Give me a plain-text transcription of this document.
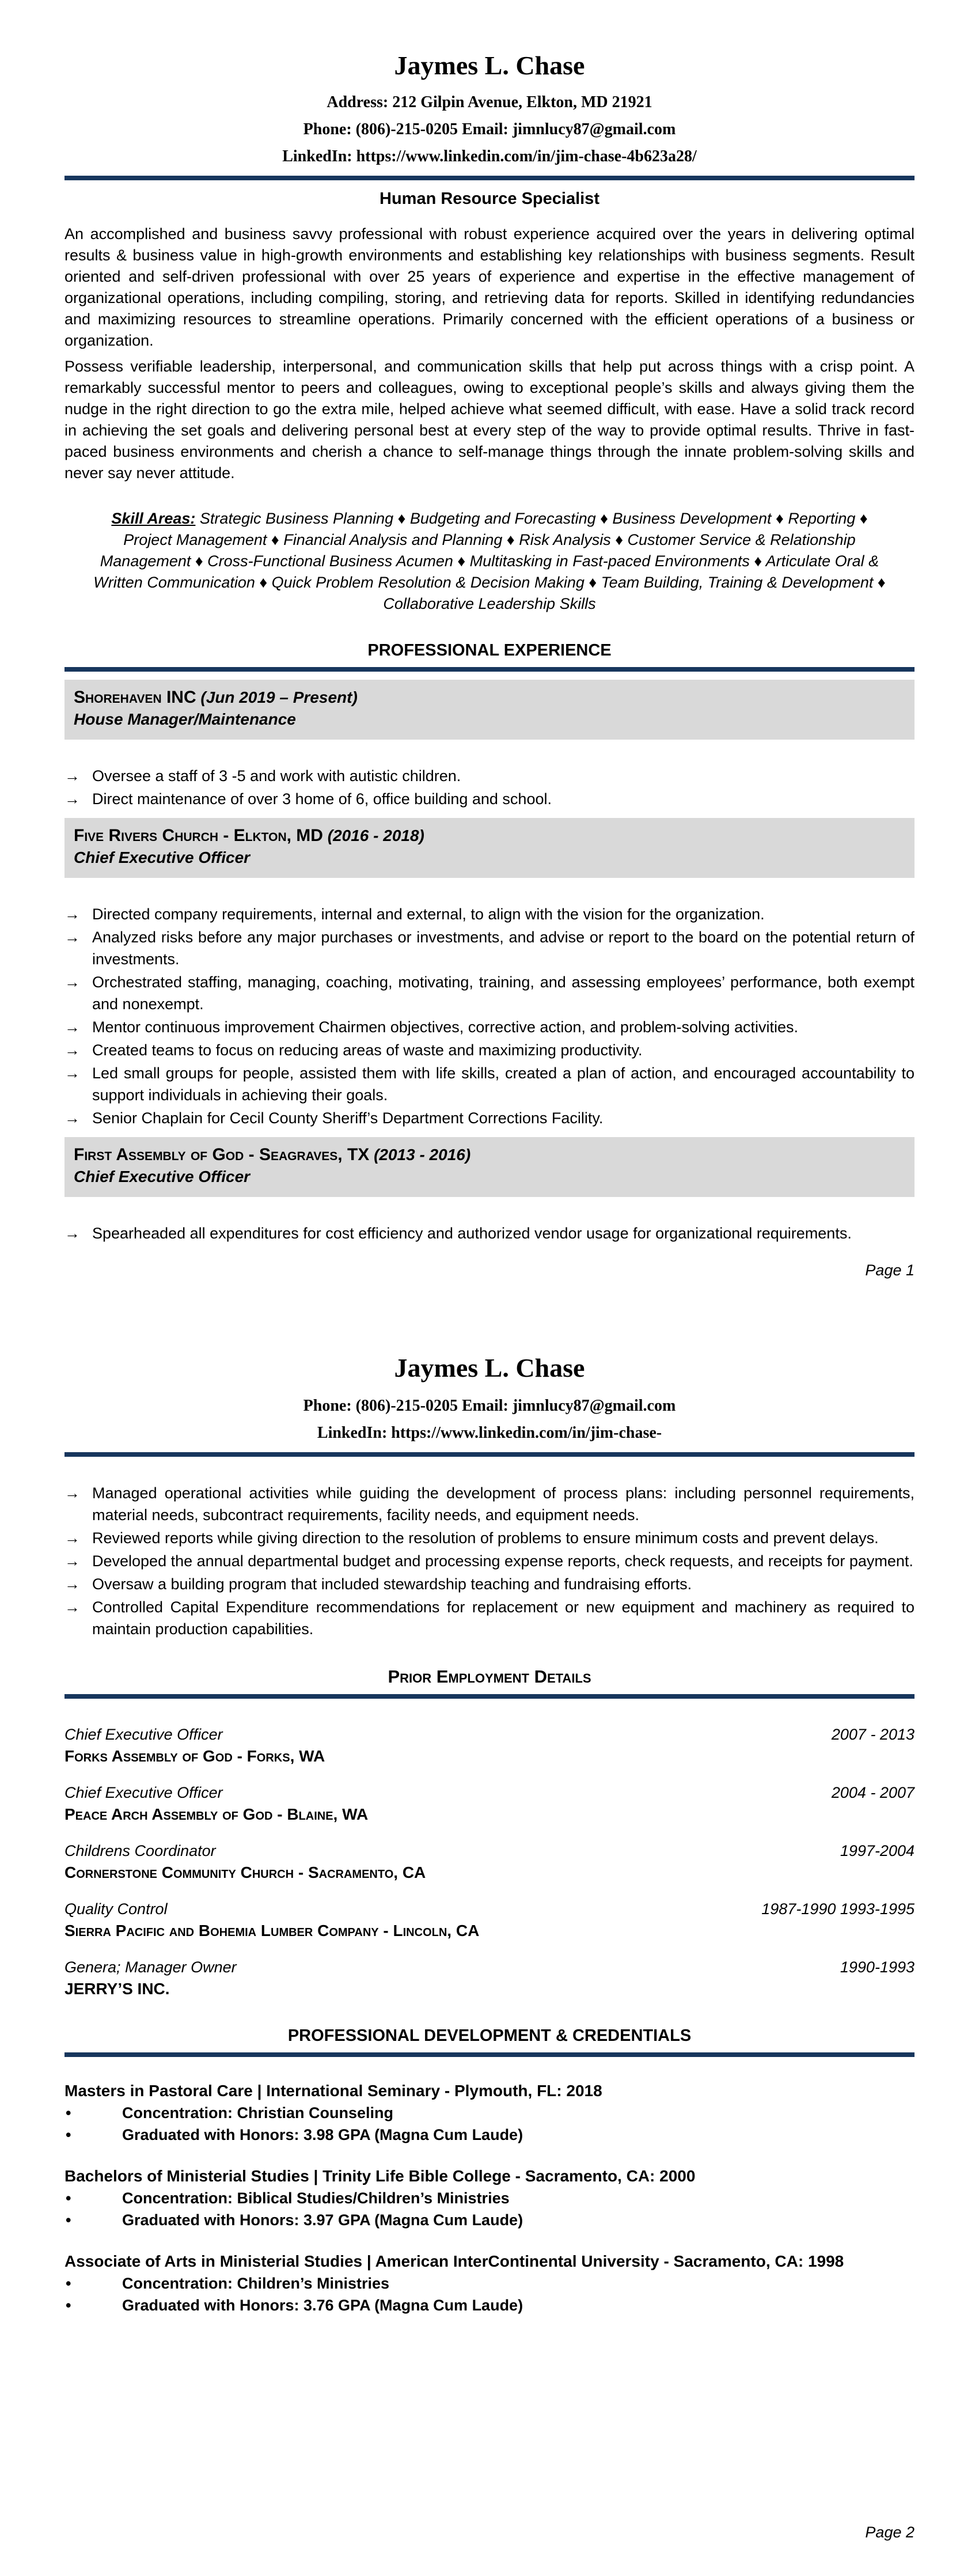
Jaymes L. Chase
Address: 212 Gilpin Avenue, Elkton, MD 21921
Phone: (806)-215-0205 Email: jimnlucy87@gmail.com
LinkedIn: https://www.linkedin.com/in/jim-chase-4b623a28/
Human Resource Specialist
An accomplished and business savvy professional with robust experience acquired over the years in delivering optimal results & business value in high-growth environments and establishing key relationships with business segments. Result oriented and self-driven professional with over 25 years of experience and expertise in the effective management of organizational operations, including compiling, storing, and retrieving data for reports. Skilled in identifying redundancies and maximizing resources to streamline operations. Primarily concerned with the efficient operations of a business or organization.
Possess verifiable leadership, interpersonal, and communication skills that help put across things with a crisp point. A remarkably successful mentor to peers and colleagues, owing to exceptional people’s skills and always giving them the nudge in the right direction to go the extra mile, helped achieve what seemed difficult, with ease. Have a solid track record in achieving the set goals and delivering personal best at every step of the way to provide optimal results. Thrive in fast-paced business environments and cherish a chance to self-manage things through the innate problem-solving skills and never say never attitude.
Skill Areas: Strategic Business Planning ♦ Budgeting and Forecasting ♦ Business Development ♦ Reporting ♦ Project Management ♦ Financial Analysis and Planning ♦ Risk Analysis ♦ Customer Service & Relationship Management ♦ Cross-Functional Business Acumen ♦ Multitasking in Fast-paced Environments ♦ Articulate Oral & Written Communication ♦ Quick Problem Resolution & Decision Making ♦ Team Building, Training & Development ♦ Collaborative Leadership Skills
PROFESSIONAL EXPERIENCE
Shorehaven INC (Jun 2019 – Present)
House Manager/Maintenance
→ Oversee a staff of 3 -5 and work with autistic children.
→ Direct maintenance of over 3 home of 6, office building and school.
Five Rivers Church - Elkton, MD (2016 - 2018)
Chief Executive Officer
→ Directed company requirements, internal and external, to align with the vision for the organization.
→ Analyzed risks before any major purchases or investments, and advise or report to the board on the potential return of investments.
→ Orchestrated staffing, managing, coaching, motivating, training, and assessing employees’ performance, both exempt and nonexempt.
→ Mentor continuous improvement Chairmen objectives, corrective action, and problem-solving activities.
→ Created teams to focus on reducing areas of waste and maximizing productivity.
→ Led small groups for people, assisted them with life skills, created a plan of action, and encouraged accountability to support individuals in achieving their goals.
→ Senior Chaplain for Cecil County Sheriff’s Department Corrections Facility.
First Assembly of God - Seagraves, TX (2013 - 2016)
Chief Executive Officer
→ Spearheaded all expenditures for cost efficiency and authorized vendor usage for organizational requirements.
Page 1
Jaymes L. Chase
Phone: (806)-215-0205 Email: jimnlucy87@gmail.com
LinkedIn: https://www.linkedin.com/in/jim-chase-
→ Managed operational activities while guiding the development of process plans: including personnel requirements, material needs, subcontract requirements, facility needs, and equipment needs.
→ Reviewed reports while giving direction to the resolution of problems to ensure minimum costs and prevent delays.
→ Developed the annual departmental budget and processing expense reports, check requests, and receipts for payment.
→ Oversaw a building program that included stewardship teaching and fundraising efforts.
→ Controlled Capital Expenditure recommendations for replacement or new equipment and machinery as required to maintain production capabilities.
Prior Employment Details
Chief Executive Officer	2007 - 2013
Forks Assembly of God - Forks, WA
Chief Executive Officer	2004 - 2007
Peace Arch Assembly of God - Blaine, WA
Childrens Coordinator	1997-2004
Cornerstone Community Church - Sacramento, CA
Quality Control	1987-1990 1993-1995
Sierra Pacific and Bohemia Lumber Company - Lincoln, CA
Genera; Manager Owner	1990-1993
JERRY’S INC.
PROFESSIONAL DEVELOPMENT & CREDENTIALS
Masters in Pastoral Care | International Seminary - Plymouth, FL: 2018
•	Concentration: Christian Counseling
•	Graduated with Honors: 3.98 GPA (Magna Cum Laude)
Bachelors of Ministerial Studies | Trinity Life Bible College - Sacramento, CA: 2000
•	Concentration: Biblical Studies/Children’s Ministries
•	Graduated with Honors: 3.97 GPA (Magna Cum Laude)
Associate of Arts in Ministerial Studies | American InterContinental University - Sacramento, CA: 1998
•	Concentration: Children’s Ministries
•	Graduated with Honors: 3.76 GPA (Magna Cum Laude)
Page 2
